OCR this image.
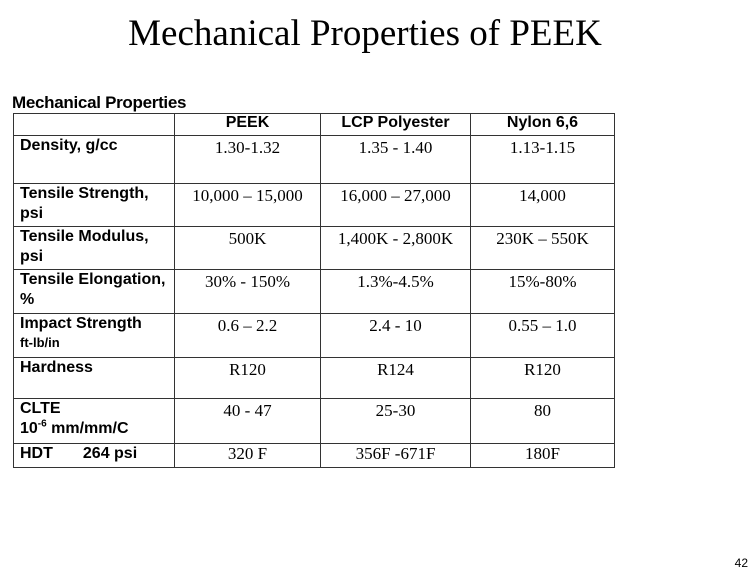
Mechanical Properties of PEEK
Mechanical Properties
	PEEK	LCP Polyester	Nylon 6,6
Density, g/cc	1.30-1.32	1.35 - 1.40	1.13-1.15

Tensile Strength, psi	10,000 – 15,000	16,000 – 27,000	14,000

Tensile Modulus, psi	500K	1,400K - 2,800K	230K – 550K

Tensile Elongation, %	30% - 150%	1.3%-4.5%	15%-80%

Impact Strength
ft-lb/in	0.6 – 2.2	2.4 - 10	0.55 – 1.0

Hardness	R120	R124	R120

CLTE
$10^{-6}$ mm/mm/C	40 - 47	25-30	80

HDT 264 psi	320 F	356F -671F	180F
42
